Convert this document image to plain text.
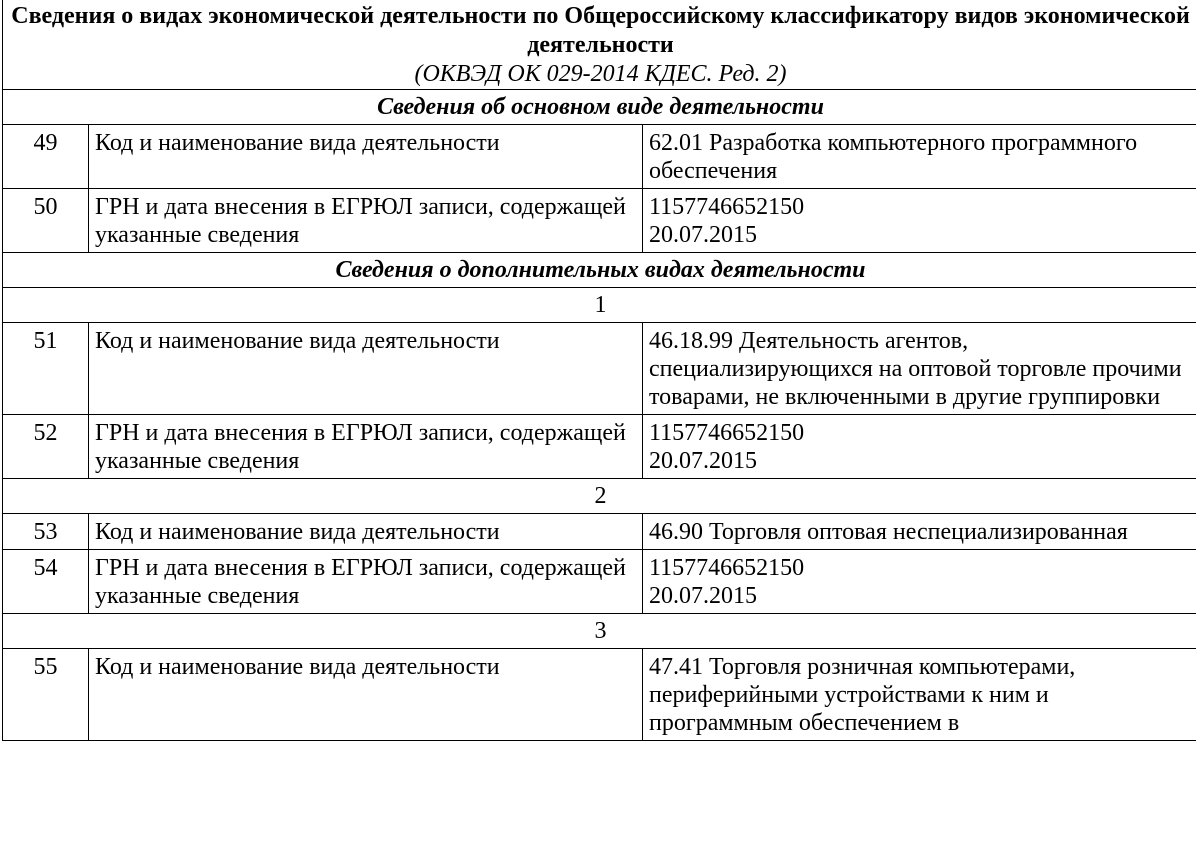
Сведения о видах экономической деятельности по Общероссийскому классификатору видов экономической деятельности
(ОКВЭД ОК 029-2014 КДЕС. Ред. 2)		

Сведения об основном виде деятельности		
49	Код и наименование вида деятельности	62.01 Разработка компьютерного программного обеспечения
50	ГРН и дата внесения в ЕГРЮЛ записи, содержащей указанные сведения	1157746652150
20.07.2015

Сведения о дополнительных видах деятельности		
1		
51	Код и наименование вида деятельности	46.18.99 Деятельность агентов, специализирующихся на оптовой торговле прочими товарами, не включенными в другие группировки
52	ГРН и дата внесения в ЕГРЮЛ записи, содержащей указанные сведения	1157746652150
20.07.2015

2		
53	Код и наименование вида деятельности	46.90 Торговля оптовая неспециализированная
54	ГРН и дата внесения в ЕГРЮЛ записи, содержащей указанные сведения	1157746652150
20.07.2015

3		
55	Код и наименование вида деятельности	47.41 Торговля розничная компьютерами, периферийными устройствами к ним и программным обеспечением в
